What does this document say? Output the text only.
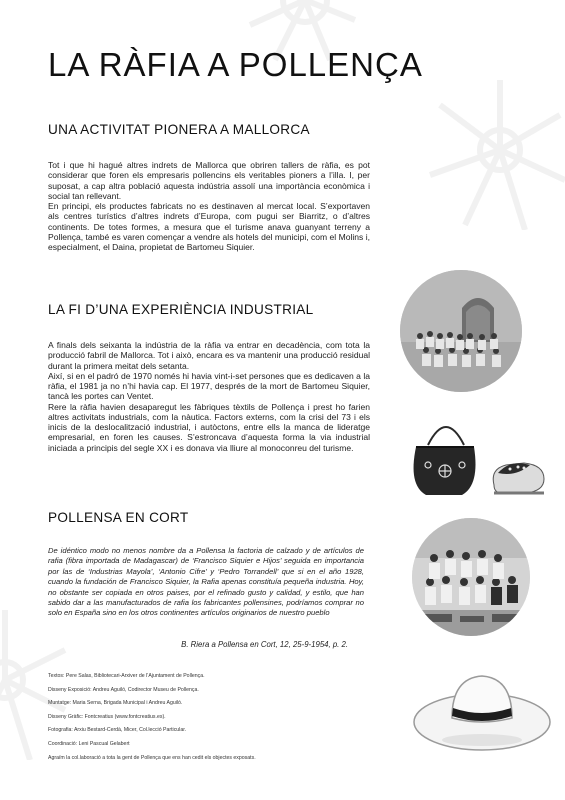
LA RÀFIA A POLLENÇA
UNA ACTIVITAT PIONERA A MALLORCA

Tot i que hi hagué altres indrets de Mallorca que obriren tallers de ràfia, es pot considerar que foren els empresaris pollencins els veritables pioners a l’illa. I, per suposat, a cap altra població aquesta indústria assolí una importància econòmica i social tan rellevant.

En principi, els productes fabricats no es destinaven al mercat local. S’exportaven als centres turístics d’altres indrets d’Europa, com pugui ser Biarritz, o d’altres continents. De totes formes, a mesura que el turisme anava guanyant terreny a Pollença, també es varen començar a vendre als hotels del municipi, com el Molins i, especialment, el Daina, propietat de Bartomeu Siquier.

LA FI D’UNA EXPERIÈNCIA INDUSTRIAL

A finals dels seixanta la indústria de la ràfia va entrar en decadència, com tota la producció fabril de Mallorca. Tot i això, encara es va mantenir una producció residual durant la primera meitat dels setanta.

Així, si en el padró de 1970 només hi havia vint-i-set persones que es dedicaven a la ràfia, el 1981 ja no n’hi havia cap. El 1977, després de la mort de Bartomeu Siquier, tancà les portes can Ventet.

Rere la ràfia havien desaparegut les fàbriques tèxtils de Pollença i prest ho farien altres activitats industrials, com la nàutica. Factors externs, com la crisi del 73 i els inicis de la deslocalització industrial, i autòctons, entre ells la manca de lideratge empresarial, en foren les causes. S’estroncava d’aquesta forma la via industrial iniciada a principis del segle XX i es donava via lliure al monoconreu del turisme.

POLLENSA EN CORT

De idéntico modo no menos nombre da a Pollensa la factoria de calzado y de artículos de rafia (fibra importada de Madagascar) de ‘Francisco Siquier e Hijos’ seguida en importancia por las de ‘Industrias Mayola’, ‘Antonio Cifre’ y ‘Pedro Torrandell’ que si en el año 1928, cuando la fundación de Francisco Siquier, la Rafia apenas constituía pequeña industria. Hoy, no obstante ser copiada en otros paises, por el refinado gusto y calidad, y estilo, que han sabido dar a las manufacturados de rafia los fabricantes pollensines, podríamos comprar no solo en España sino en los otros continentes artículos originarios de nuestro pueblo

B. Riera a Pollensa en Cort, 12, 25-9-1954, p. 2.
Textos: Pere Salas, Bibliotecari-Arxiver de l’Ajuntament de Pollença.
Disseny Exposició: Andreu Aguiló, Codirector Museu de Pollença.
Muntatge: Maria Serna, Brigada Municipal i Andreu Aguiló.
Disseny Gràfic: Fontcreatius (www.fontcreatius.es).
Fotografia: Arxiu Bestard-Cerdà, Micer, Col.lecció Particular.
Coordinació: Leni Pascual Gelabert
Agraïm la col.laboració a tota la gent de Pollença que ens han cedit els objectes exposats.
